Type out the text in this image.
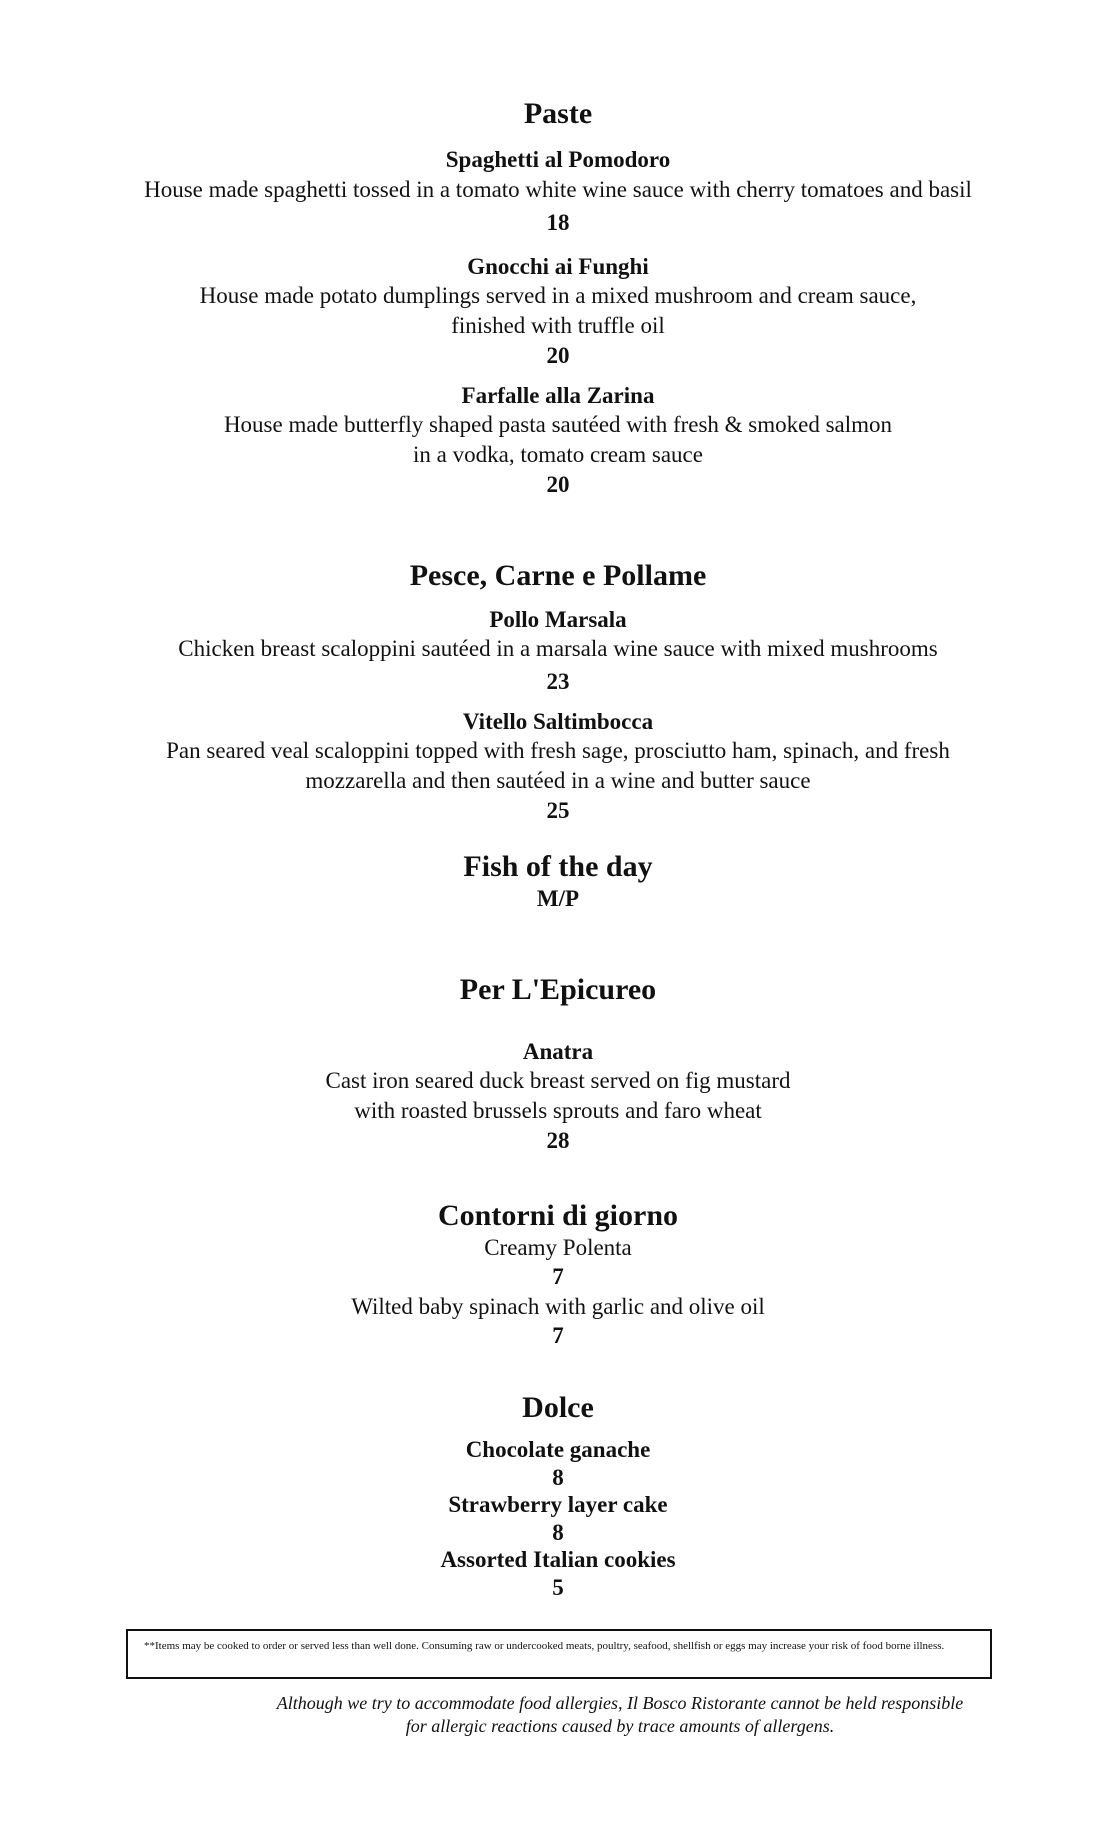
Paste
Spaghetti al Pomodoro
House made spaghetti tossed in a tomato white wine sauce with cherry tomatoes and basil
18
Gnocchi ai Funghi
House made potato dumplings served in a mixed mushroom and cream sauce,
finished with truffle oil
20
Farfalle alla Zarina
House made butterfly shaped pasta sautéed with fresh & smoked salmon
in a vodka, tomato cream sauce
20
Pesce, Carne e Pollame
Pollo Marsala
Chicken breast scaloppini sautéed in a marsala wine sauce with mixed mushrooms
23
Vitello Saltimbocca
Pan seared veal scaloppini topped with fresh sage, prosciutto ham, spinach, and fresh
mozzarella and then sautéed in a wine and butter sauce
25
Fish of the day
M/P
Per L'Epicureo
Anatra
Cast iron seared duck breast served on fig mustard
with roasted brussels sprouts and faro wheat
28
Contorni di giorno
Creamy Polenta
7
Wilted baby spinach with garlic and olive oil
7
Dolce
Chocolate ganache
8
Strawberry layer cake
8
Assorted Italian cookies
5
**Items may be cooked to order or served less than well done. Consuming raw or undercooked meats, poultry, seafood, shellfish or eggs may increase your risk of food borne illness.
Although we try to accommodate food allergies, Il Bosco Ristorante cannot be held responsible
for allergic reactions caused by trace amounts of allergens.
